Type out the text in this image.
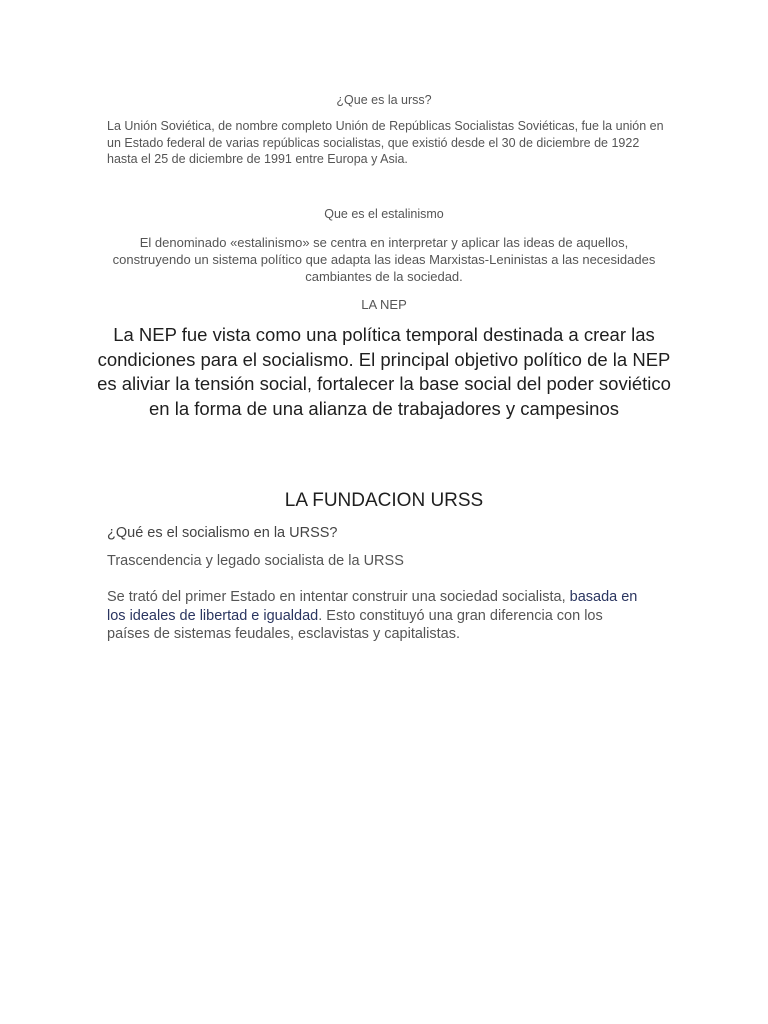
¿Que es la urss?

La Unión Soviética, de nombre completo Unión de Repúblicas Socialistas Soviéticas, fue la unión en un Estado federal de varias repúblicas socialistas, que existió desde el 30 de diciembre de 1922 hasta el 25 de diciembre de 1991 entre Europa y Asia.

Que es el estalinismo

El denominado «estalinismo» se centra en interpretar y aplicar las ideas de aquellos, construyendo un sistema político que adapta las ideas Marxistas-Leninistas a las necesidades cambiantes de la sociedad.

LA NEP

La NEP fue vista como una política temporal destinada a crear las condiciones para el socialismo. El principal objetivo político de la NEP es aliviar la tensión social, fortalecer la base social del poder soviético en la forma de una alianza de trabajadores y campesinos

LA FUNDACION URSS

¿Qué es el socialismo en la URSS?

Trascendencia y legado socialista de la URSS

Se trató del primer Estado en intentar construir una sociedad socialista, basada en los ideales de libertad e igualdad. Esto constituyó una gran diferencia con los países de sistemas feudales, esclavistas y capitalistas.
